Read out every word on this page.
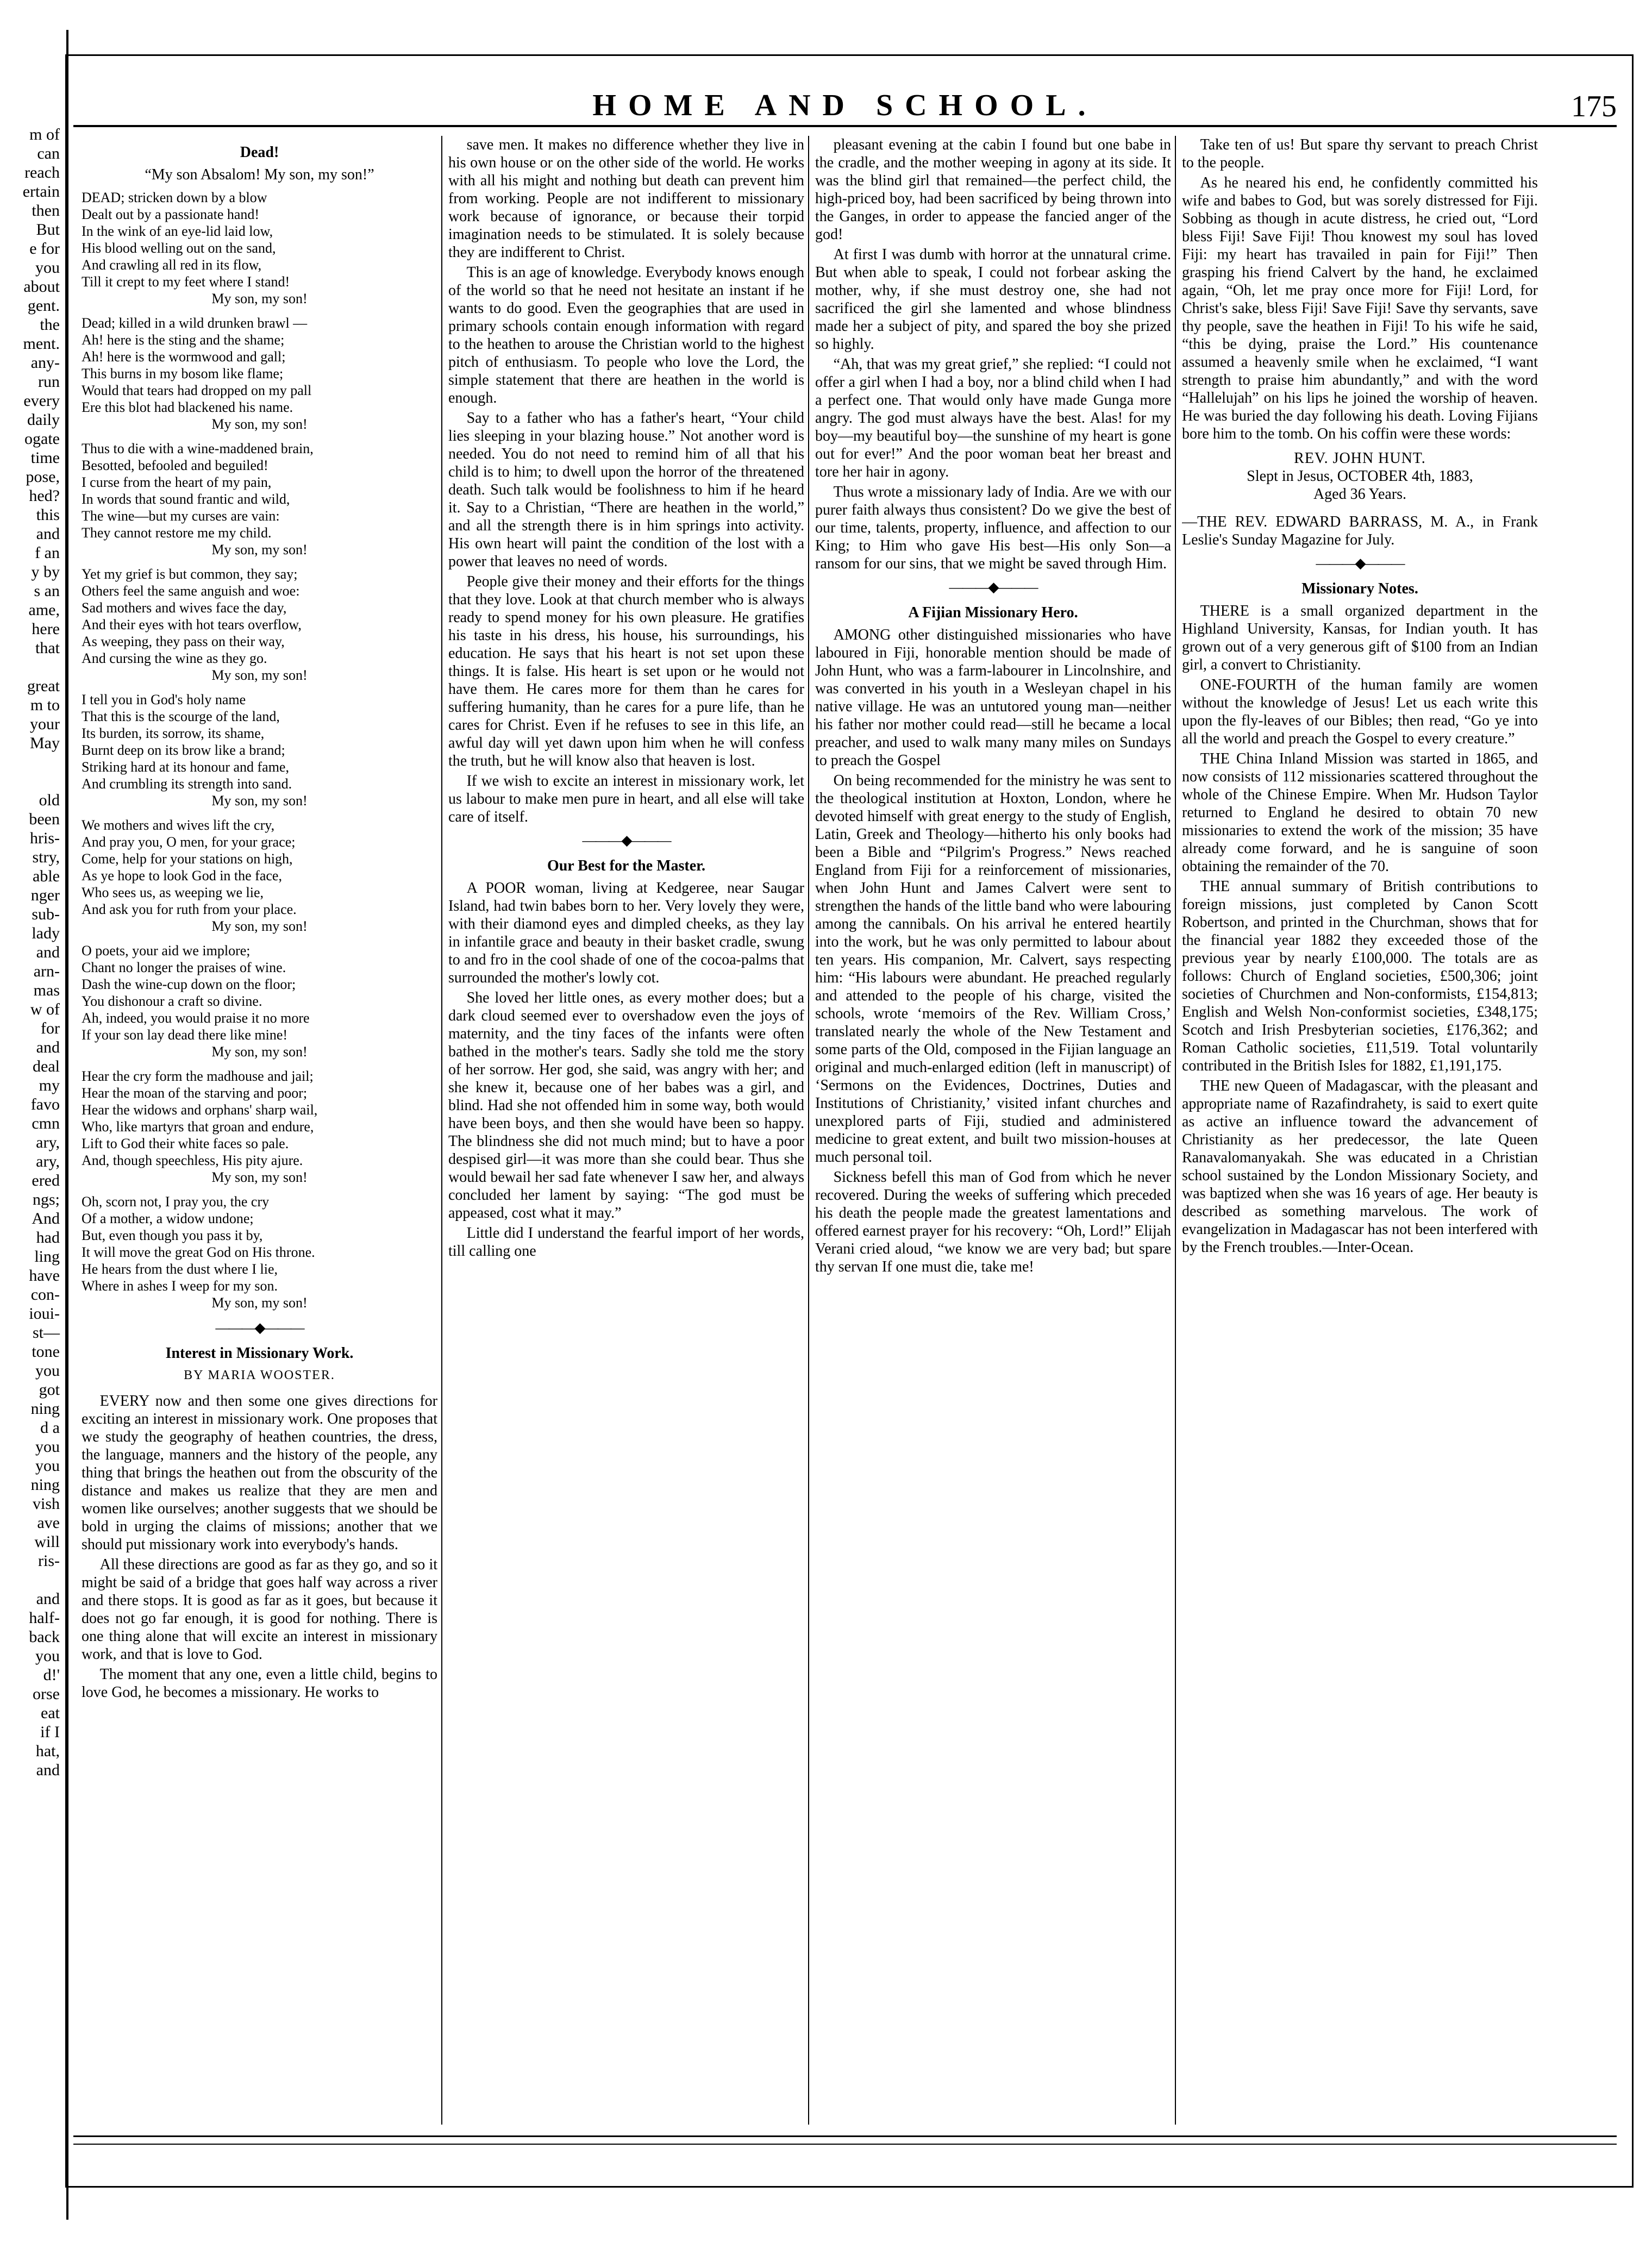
m of
can
reach
ertain
then
But
e for
you
about
gent.
the
ment.
any-
run
every
daily
ogate
time
pose,
hed?
this
and
f an
y by
s an
ame,
here
that

great
m to
your
May

old
been
hris-
stry,
able
nger
sub-
lady
and
arn-
mas
w of
for
and
deal
my
favo
cmn
ary,
ary,
ered
ngs;
And
had
ling
have
con-
ioui-
st—
tone
you
got
ning
d a
you
you
ning
vish
ave
will
ris-

and
half-
back
you
d!'
orse
eat
if I
hat,
and
HOME AND SCHOOL.	175
Dead!
“My son Absalom! My son, my son!”
DEAD; stricken down by a blow
Dealt out by a passionate hand!
In the wink of an eye-lid laid low,
His blood welling out on the sand,
And crawling all red in its flow,
Till it crept to my feet where I stand!
My son, my son!
Dead; killed in a wild drunken brawl —
Ah! here is the sting and the shame;
Ah! here is the wormwood and gall;
This burns in my bosom like flame;
Would that tears had dropped on my pall
Ere this blot had blackened his name.
My son, my son!
Thus to die with a wine-maddened brain,
Besotted, befooled and beguiled!
I curse from the heart of my pain,
In words that sound frantic and wild,
The wine—but my curses are vain:
They cannot restore me my child.
My son, my son!
Yet my grief is but common, they say;
Others feel the same anguish and woe:
Sad mothers and wives face the day,
And their eyes with hot tears overflow,
As weeping, they pass on their way,
And cursing the wine as they go.
My son, my son!
I tell you in God's holy name
That this is the scourge of the land,
Its burden, its sorrow, its shame,
Burnt deep on its brow like a brand;
Striking hard at its honour and fame,
And crumbling its strength into sand.
My son, my son!
We mothers and wives lift the cry,
And pray you, O men, for your grace;
Come, help for your stations on high,
As ye hope to look God in the face,
Who sees us, as weeping we lie,
And ask you for ruth from your place.
My son, my son!
O poets, your aid we implore;
Chant no longer the praises of wine.
Dash the wine-cup down on the floor;
You dishonour a craft so divine.
Ah, indeed, you would praise it no more
If your son lay dead there like mine!
My son, my son!
Hear the cry form the madhouse and jail;
Hear the moan of the starving and poor;
Hear the widows and orphans' sharp wail,
Who, like martyrs that groan and endure,
Lift to God their white faces so pale.
And, though speechless, His pity ajure.
My son, my son!
Oh, scorn not, I pray you, the cry
Of a mother, a widow undone;
But, even though you pass it by,
It will move the great God on His throne.
He hears from the dust where I lie,
Where in ashes I weep for my son.
My son, my son!
———◆———
Interest in Missionary Work.
BY MARIA WOOSTER.

EVERY now and then some one gives directions for exciting an interest in missionary work. One proposes that we study the geography of heathen countries, the dress, the language, manners and the history of the people, any thing that brings the heathen out from the obscurity of the distance and makes us realize that they are men and women like ourselves; another suggests that we should be bold in urging the claims of missions; another that we should put missionary work into everybody's hands.

All these directions are good as far as they go, and so it might be said of a bridge that goes half way across a river and there stops. It is good as far as it goes, but because it does not go far enough, it is good for nothing. There is one thing alone that will excite an interest in missionary work, and that is love to God.

The moment that any one, even a little child, begins to love God, he becomes a missionary. He works to

save men. It makes no difference whether they live in his own house or on the other side of the world. He works with all his might and nothing but death can prevent him from working. People are not indifferent to missionary work because of ignorance, or because their torpid imagination needs to be stimulated. It is solely because they are indifferent to Christ.

This is an age of knowledge. Everybody knows enough of the world so that he need not hesitate an instant if he wants to do good. Even the geographies that are used in primary schools contain enough information with regard to the heathen to arouse the Christian world to the highest pitch of enthusiasm. To people who love the Lord, the simple statement that there are heathen in the world is enough.

Say to a father who has a father's heart, “Your child lies sleeping in your blazing house.” Not another word is needed. You do not need to remind him of all that his child is to him; to dwell upon the horror of the threatened death. Such talk would be foolishness to him if he heard it. Say to a Christian, “There are heathen in the world,” and all the strength there is in him springs into activity. His own heart will paint the condition of the lost with a power that leaves no need of words.

People give their money and their efforts for the things that they love. Look at that church member who is always ready to spend money for his own pleasure. He gratifies his taste in his dress, his house, his surroundings, his education. He says that his heart is not set upon these things. It is false. His heart is set upon or he would not have them. He cares more for them than he cares for suffering humanity, than he cares for a pure life, than he cares for Christ. Even if he refuses to see in this life, an awful day will yet dawn upon him when he will confess the truth, but he will know also that heaven is lost.

If we wish to excite an interest in missionary work, let us labour to make men pure in heart, and all else will take care of itself.

———◆———
Our Best for the Master.

A POOR woman, living at Kedgeree, near Saugar Island, had twin babes born to her. Very lovely they were, with their diamond eyes and dimpled cheeks, as they lay in infantile grace and beauty in their basket cradle, swung to and fro in the cool shade of one of the cocoa-palms that surrounded the mother's lowly cot.

She loved her little ones, as every mother does; but a dark cloud seemed ever to overshadow even the joys of maternity, and the tiny faces of the infants were often bathed in the mother's tears. Sadly she told me the story of her sorrow. Her god, she said, was angry with her; and she knew it, because one of her babes was a girl, and blind. Had she not offended him in some way, both would have been boys, and then she would have been so happy. The blindness she did not much mind; but to have a poor despised girl—it was more than she could bear. Thus she would bewail her sad fate whenever I saw her, and always concluded her lament by saying: “The god must be appeased, cost what it may.”

Little did I understand the fearful import of her words, till calling one

pleasant evening at the cabin I found but one babe in the cradle, and the mother weeping in agony at its side. It was the blind girl that remained—the perfect child, the high-priced boy, had been sacrificed by being thrown into the Ganges, in order to appease the fancied anger of the god!

At first I was dumb with horror at the unnatural crime. But when able to speak, I could not forbear asking the mother, why, if she must destroy one, she had not sacrificed the girl she lamented and whose blindness made her a subject of pity, and spared the boy she prized so highly.

“Ah, that was my great grief,” she replied: “I could not offer a girl when I had a boy, nor a blind child when I had a perfect one. That would only have made Gunga more angry. The god must always have the best. Alas! for my boy—my beautiful boy—the sunshine of my heart is gone out for ever!” And the poor woman beat her breast and tore her hair in agony.

Thus wrote a missionary lady of India. Are we with our purer faith always thus consistent? Do we give the best of our time, talents, property, influence, and affection to our King; to Him who gave His best—His only Son—a ransom for our sins, that we might be saved through Him.

———◆———
A Fijian Missionary Hero.

AMONG other distinguished missionaries who have laboured in Fiji, honorable mention should be made of John Hunt, who was a farm-labourer in Lincolnshire, and was converted in his youth in a Wesleyan chapel in his native village. He was an untutored young man—neither his father nor mother could read—still he became a local preacher, and used to walk many many miles on Sundays to preach the Gospel

On being recommended for the ministry he was sent to the theological institution at Hoxton, London, where he devoted himself with great energy to the study of English, Latin, Greek and Theology—hitherto his only books had been a Bible and “Pilgrim's Progress.” News reached England from Fiji for a reinforcement of missionaries, when John Hunt and James Calvert were sent to strengthen the hands of the little band who were labouring among the cannibals. On his arrival he entered heartily into the work, but he was only permitted to labour about ten years. His companion, Mr. Calvert, says respecting him: “His labours were abundant. He preached regularly and attended to the people of his charge, visited the schools, wrote ‘memoirs of the Rev. William Cross,’ translated nearly the whole of the New Testament and some parts of the Old, composed in the Fijian language an original and much-enlarged edition (left in manuscript) of ‘Sermons on the Evidences, Doctrines, Duties and Institutions of Christianity,’ visited infant churches and unexplored parts of Fiji, studied and administered medicine to great extent, and built two mission-houses at much personal toil.

Sickness befell this man of God from which he never recovered. During the weeks of suffering which preceded his death the people made the greatest lamentations and offered earnest prayer for his recovery: “Oh, Lord!” Elijah Verani cried aloud, “we know we are very bad; but spare thy servan If one must die, take me!

Take ten of us! But spare thy servant to preach Christ to the people.

As he neared his end, he confidently committed his wife and babes to God, but was sorely distressed for Fiji. Sobbing as though in acute distress, he cried out, “Lord bless Fiji! Save Fiji! Thou knowest my soul has loved Fiji: my heart has travailed in pain for Fiji!” Then grasping his friend Calvert by the hand, he exclaimed again, “Oh, let me pray once more for Fiji! Lord, for Christ's sake, bless Fiji! Save Fiji! Save thy servants, save thy people, save the heathen in Fiji! To his wife he said, “this be dying, praise the Lord.” His countenance assumed a heavenly smile when he exclaimed, “I want strength to praise him abundantly,” and with the word “Hallelujah” on his lips he joined the worship of heaven. He was buried the day following his death. Loving Fijians bore him to the tomb. On his coffin were these words:

REV. JOHN HUNT.
Slept in Jesus, OCTOBER 4th, 1883,
Aged 36 Years.

—THE REV. EDWARD BARRASS, M. A., in Frank Leslie's Sunday Magazine for July.

———◆———
Missionary Notes.

THERE is a small organized department in the Highland University, Kansas, for Indian youth. It has grown out of a very generous gift of $100 from an Indian girl, a convert to Christianity.

ONE-FOURTH of the human family are women without the knowledge of Jesus! Let us each write this upon the fly-leaves of our Bibles; then read, “Go ye into all the world and preach the Gospel to every creature.”

THE China Inland Mission was started in 1865, and now consists of 112 missionaries scattered throughout the whole of the Chinese Empire. When Mr. Hudson Taylor returned to England he desired to obtain 70 new missionaries to extend the work of the mission; 35 have already come forward, and he is sanguine of soon obtaining the remainder of the 70.

THE annual summary of British contributions to foreign missions, just completed by Canon Scott Robertson, and printed in the Churchman, shows that for the financial year 1882 they exceeded those of the previous year by nearly £100,000. The totals are as follows: Church of England societies, £500,306; joint societies of Churchmen and Non-conformists, £154,813; English and Welsh Non-conformist societies, £348,175; Scotch and Irish Presbyterian societies, £176,362; and Roman Catholic societies, £11,519. Total voluntarily contributed in the British Isles for 1882, £1,191,175.

THE new Queen of Madagascar, with the pleasant and appropriate name of Razafindrahety, is said to exert quite as active an influence toward the advancement of Christianity as her predecessor, the late Queen Ranavalomanyakah. She was educated in a Christian school sustained by the London Missionary Society, and was baptized when she was 16 years of age. Her beauty is described as something marvelous. The work of evangelization in Madagascar has not been interfered with by the French troubles.—Inter-Ocean.
